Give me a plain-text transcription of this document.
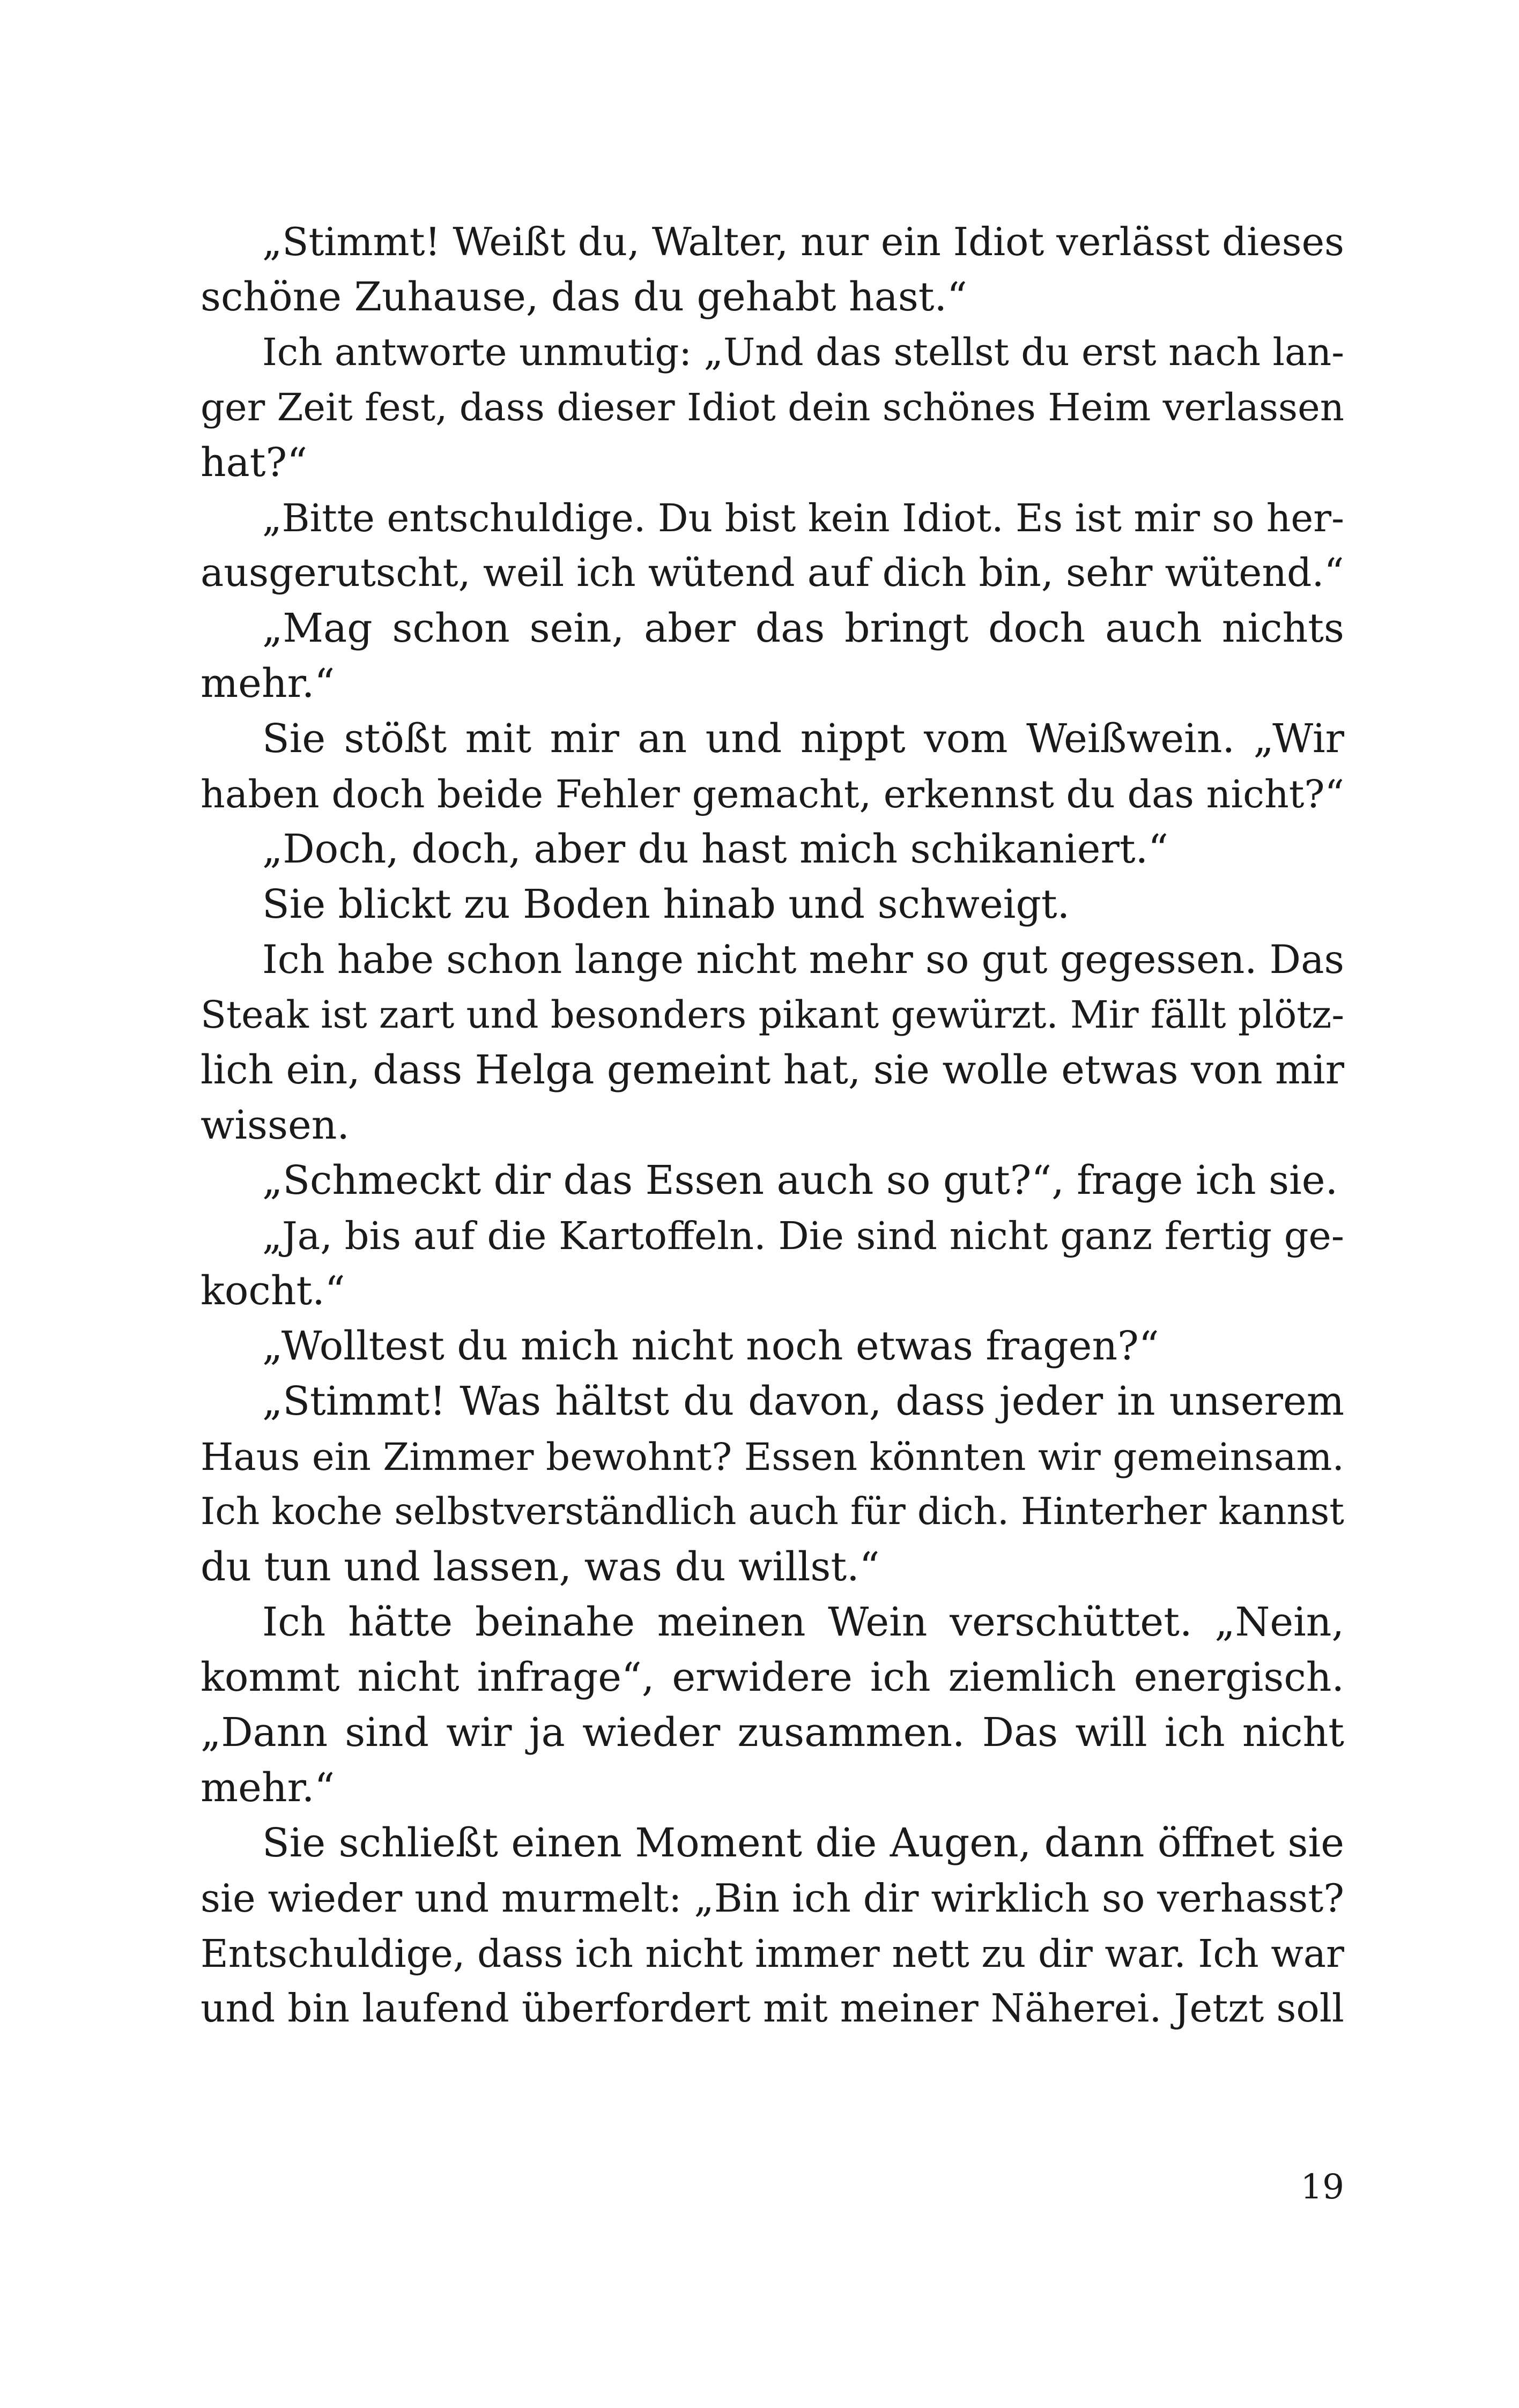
„Stimmt! Weißt du, Walter, nur ein Idiot verlässt dieses
schöne Zuhause, das du gehabt hast.“
Ich antworte unmutig: „Und das stellst du erst nach lan-
ger Zeit fest, dass dieser Idiot dein schönes Heim verlassen
hat?“
„Bitte entschuldige. Du bist kein Idiot. Es ist mir so her-
ausgerutscht, weil ich wütend auf dich bin, sehr wütend.“
„Mag schon sein, aber das bringt doch auch nichts
mehr.“
Sie stößt mit mir an und nippt vom Weißwein. „Wir
haben doch beide Fehler gemacht, erkennst du das nicht?“
„Doch, doch, aber du hast mich schikaniert.“
Sie blickt zu Boden hinab und schweigt.
Ich habe schon lange nicht mehr so gut gegessen. Das
Steak ist zart und besonders pikant gewürzt. Mir fällt plötz-
lich ein, dass Helga gemeint hat, sie wolle etwas von mir
wissen.
„Schmeckt dir das Essen auch so gut?“, frage ich sie.
„Ja, bis auf die Kartoffeln. Die sind nicht ganz fertig ge-
kocht.“
„Wolltest du mich nicht noch etwas fragen?“
„Stimmt! Was hältst du davon, dass jeder in unserem
Haus ein Zimmer bewohnt? Essen könnten wir gemeinsam.
Ich koche selbstverständlich auch für dich. Hinterher kannst
du tun und lassen, was du willst.“
Ich hätte beinahe meinen Wein verschüttet. „Nein,
kommt nicht infrage“, erwidere ich ziemlich energisch.
„Dann sind wir ja wieder zusammen. Das will ich nicht
mehr.“
Sie schließt einen Moment die Augen, dann öffnet sie
sie wieder und murmelt: „Bin ich dir wirklich so verhasst?
Entschuldige, dass ich nicht immer nett zu dir war. Ich war
und bin laufend überfordert mit meiner Näherei. Jetzt soll
19
